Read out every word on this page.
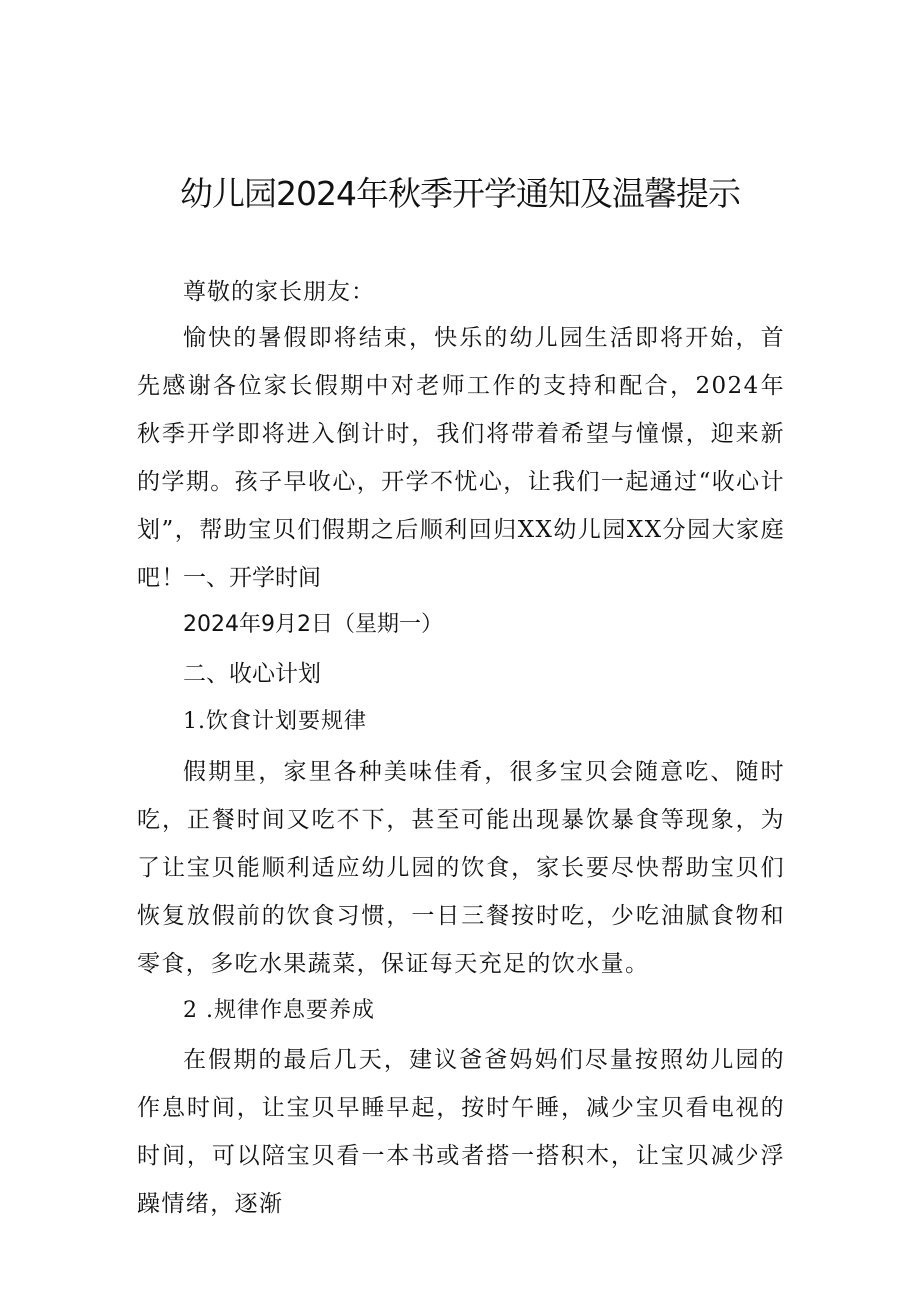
幼儿园2024年秋季开学通知及温馨提示
尊敬的家长朋友：
愉快的暑假即将结束，快乐的幼儿园生活即将开始，首先感谢各位家长假期中对老师工作的支持和配合，2024年秋季开学即将进入倒计时，我们将带着希望与憧憬，迎来新的学期。孩子早收心，开学不忧心，让我们一起通过“收心计划”，帮助宝贝们假期之后顺利回归XX幼儿园XX分园大家庭吧！
一、开学时间
2024年9月2日（星期一）
二、收心计划
1.饮食计划要规律
假期里，家里各种美味佳肴，很多宝贝会随意吃、随时吃，正餐时间又吃不下，甚至可能出现暴饮暴食等现象，为了让宝贝能顺利适应幼儿园的饮食，家长要尽快帮助宝贝们恢复放假前的饮食习惯，一日三餐按时吃，少吃油腻食物和零食，多吃水果蔬菜，保证每天充足的饮水量。
2 .规律作息要养成
在假期的最后几天，建议爸爸妈妈们尽量按照幼儿园的作息时间，让宝贝早睡早起，按时午睡，减少宝贝看电视的时间，可以陪宝贝看一本书或者搭一搭积木，让宝贝减少浮躁情绪，逐渐
